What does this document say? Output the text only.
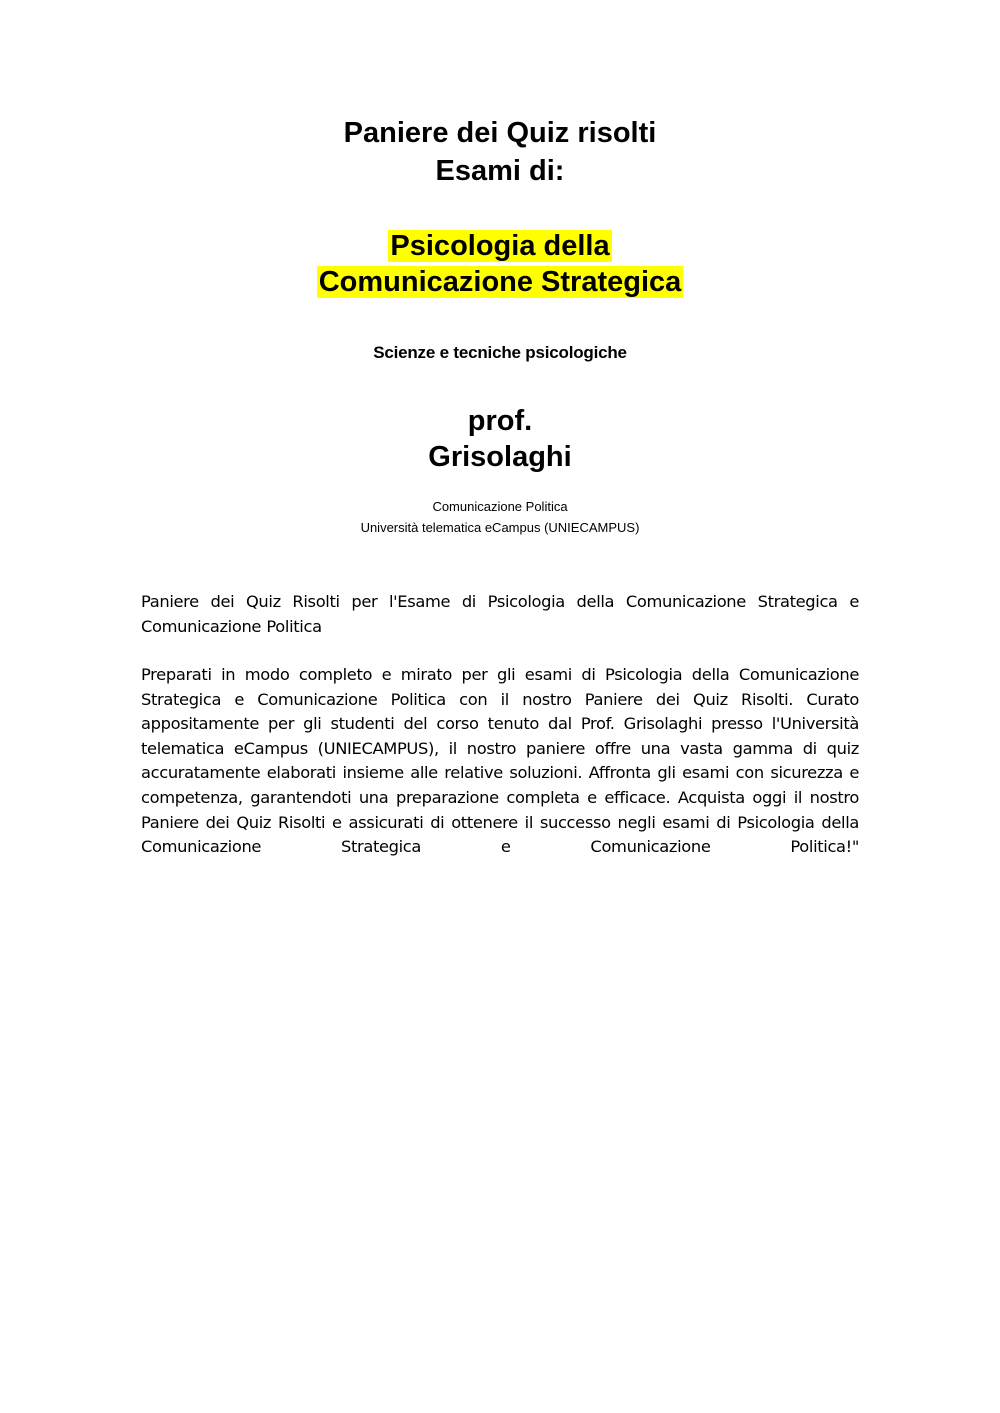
Paniere dei Quiz risolti
Esami di:
Psicologia della
Comunicazione Strategica
Scienze e tecniche psicologiche
prof.
Grisolaghi
Comunicazione Politica
Università telematica eCampus (UNIECAMPUS)

Paniere dei Quiz Risolti per l'Esame di Psicologia della Comunicazione Strategica e Comunicazione Politica

Preparati in modo completo e mirato per gli esami di Psicologia della Comunicazione Strategica e Comunicazione Politica con il nostro Paniere dei Quiz Risolti. Curato appositamente per gli studenti del corso tenuto dal Prof. Grisolaghi presso l'Università telematica eCampus (UNIECAMPUS), il nostro paniere offre una vasta gamma di quiz accuratamente elaborati insieme alle relative soluzioni. Affronta gli esami con sicurezza e competenza, garantendoti una preparazione completa e efficace. Acquista oggi il nostro Paniere dei Quiz Risolti e assicurati di ottenere il successo negli esami di Psicologia della Comunicazione Strategica e Comunicazione Politica!"
